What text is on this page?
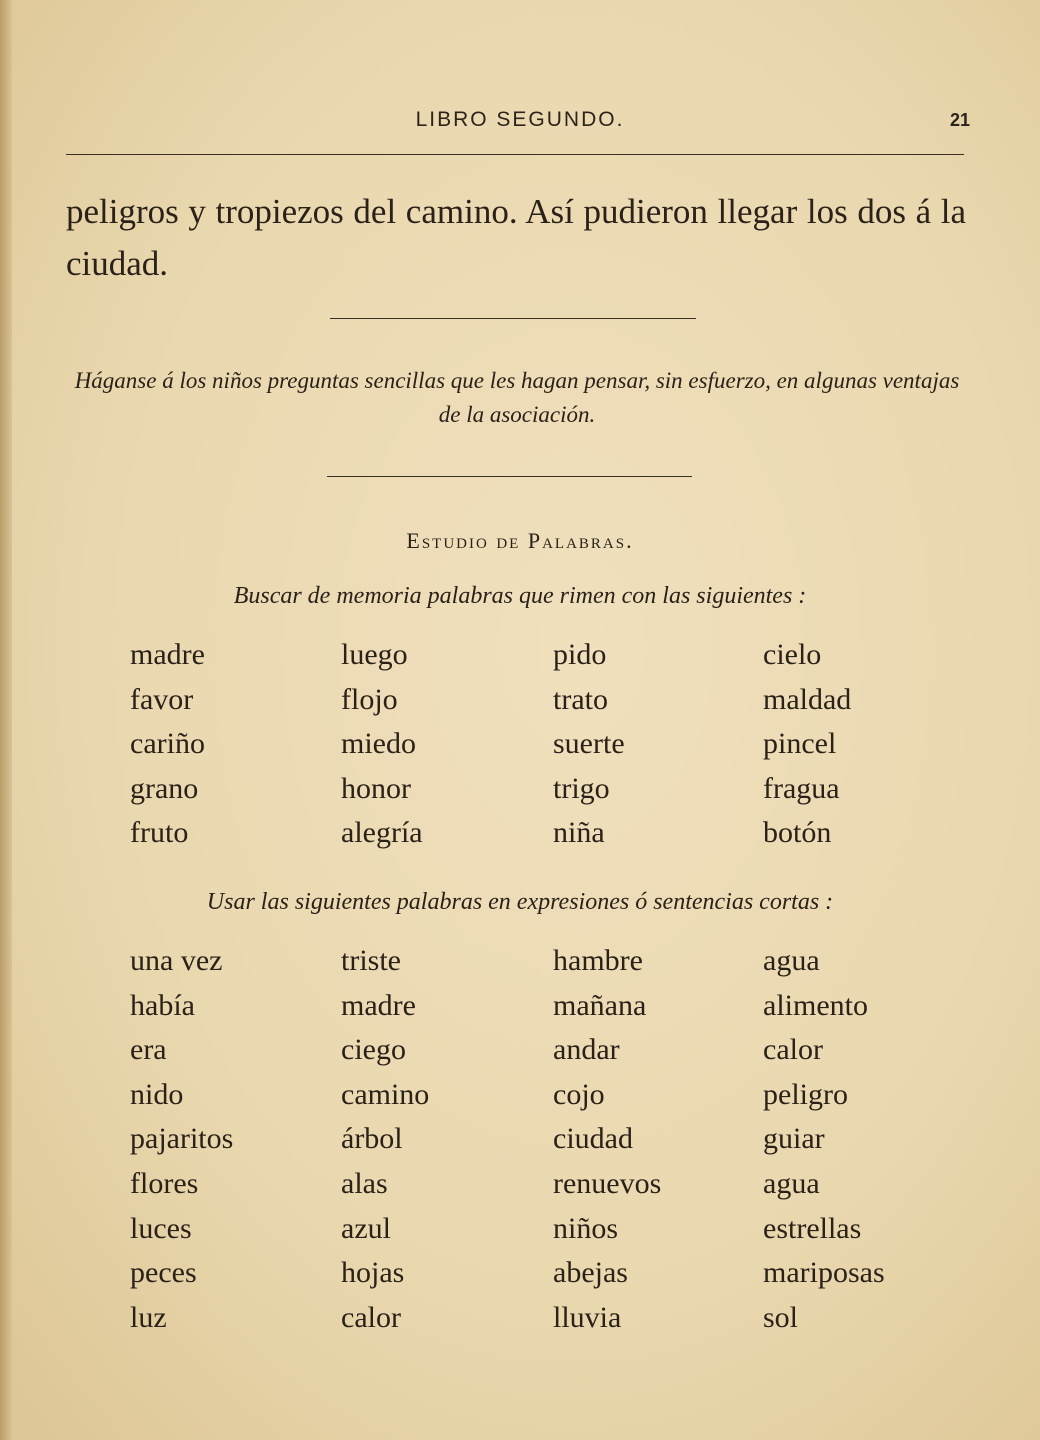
LIBRO SEGUNDO.	21
peligros y tropiezos del camino. Así pudieron llegar los dos á la ciudad.
Háganse á los niños preguntas sencillas que les hagan pensar, sin esfuerzo, en algunas ventajas de la asociación.
Estudio de Palabras.
Buscar de memoria palabras que rimen con las siguientes :
madre	luego	pido	cielo
favor	flojo	trato	maldad
cariño	miedo	suerte	pincel
grano	honor	trigo	fragua
fruto	alegría	niña	botón
Usar las siguientes palabras en expresiones ó sentencias cortas :
una vez	triste	hambre	agua
había	madre	mañana	alimento
era	ciego	andar	calor
nido	camino	cojo	peligro
pajaritos	árbol	ciudad	guiar
flores	alas	renuevos	agua
luces	azul	niños	estrellas
peces	hojas	abejas	mariposas
luz	calor	lluvia	sol
